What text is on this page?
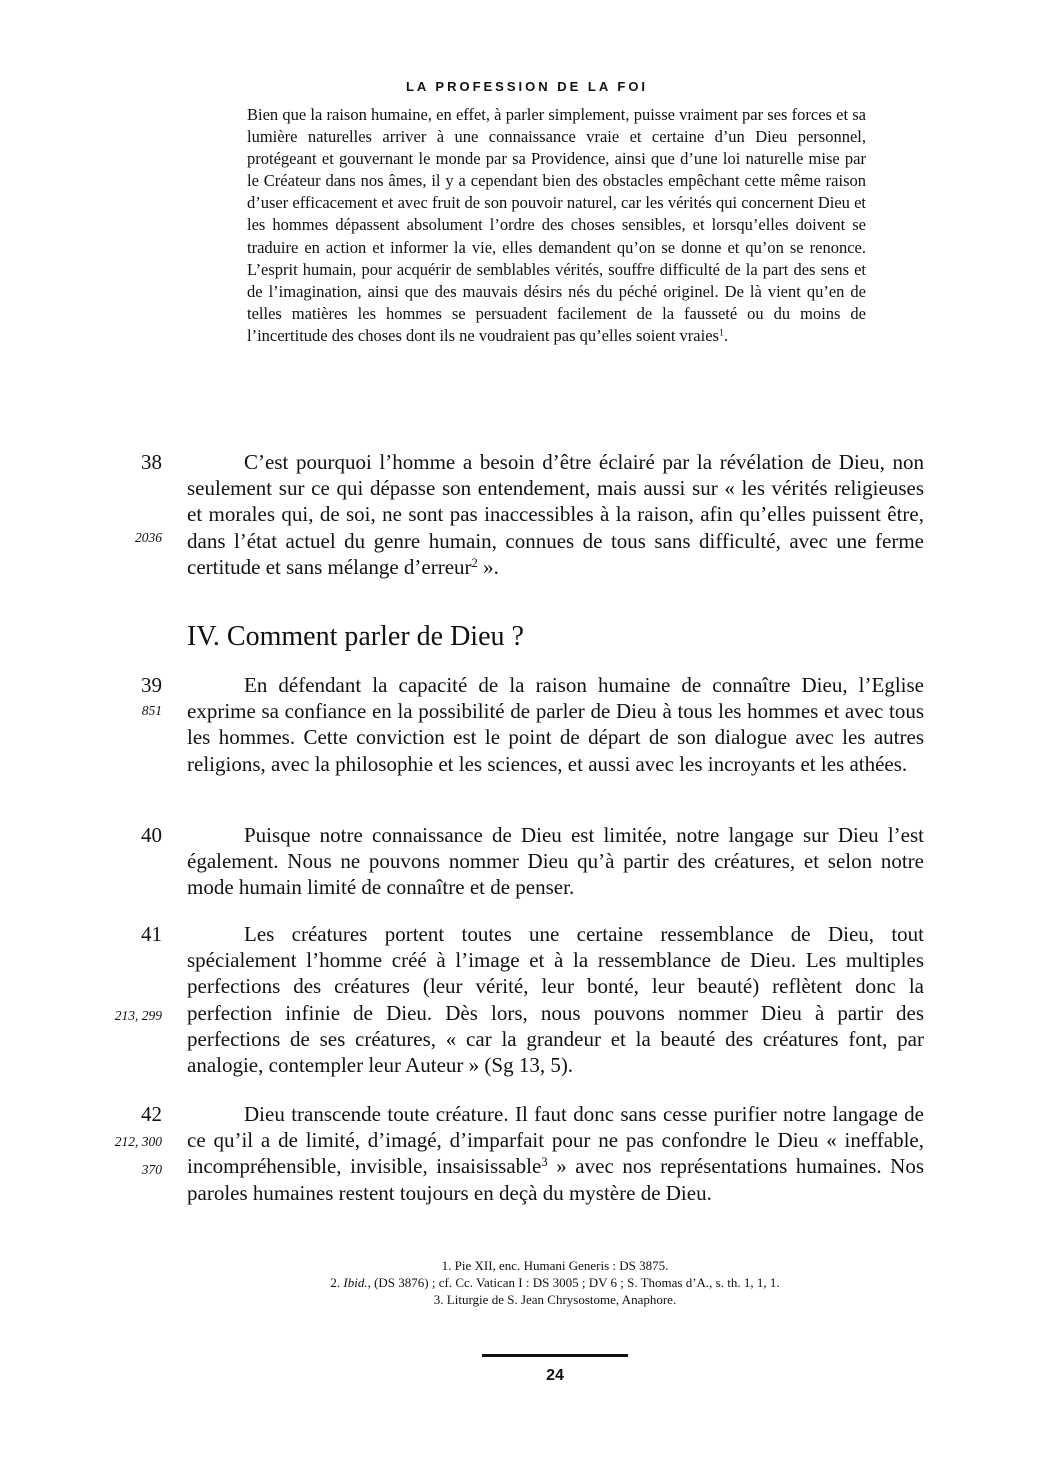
LA PROFESSION DE LA FOI

Bien que la raison humaine, en effet, à parler simplement, puisse vraiment par ses forces et sa lumière naturelles arriver à une connaissance vraie et certaine d’un Dieu personnel, protégeant et gouvernant le monde par sa Providence, ainsi que d’une loi naturelle mise par le Créateur dans nos âmes, il y a cependant bien des obstacles empêchant cette même raison d’user efficacement et avec fruit de son pouvoir naturel, car les vérités qui concernent Dieu et les hommes dépassent absolument l’ordre des choses sensibles, et lorsqu’elles doivent se traduire en action et informer la vie, elles demandent qu’on se donne et qu’on se renonce. L’esprit humain, pour acquérir de semblables vérités, souffre difficulté de la part des sens et de l’imagination, ainsi que des mauvais désirs nés du péché originel. De là vient qu’en de telles matières les hommes se persuadent facilement de la fausseté ou du moins de l’incertitude des choses dont ils ne voudraient pas qu’elles soient vraies$^1$.

38
2036

C’est pourquoi l’homme a besoin d’être éclairé par la révélation de Dieu, non seulement sur ce qui dépasse son entendement, mais aussi sur « les vérités religieuses et morales qui, de soi, ne sont pas inaccessibles à la raison, afin qu’elles puissent être, dans l’état actuel du genre humain, connues de tous sans difficulté, avec une ferme certitude et sans mélange d’erreur$^2$ ».

IV. Comment parler de Dieu ?
39
851

En défendant la capacité de la raison humaine de connaître Dieu, l’Eglise exprime sa confiance en la possibilité de parler de Dieu à tous les hommes et avec tous les hommes. Cette conviction est le point de départ de son dialogue avec les autres religions, avec la philosophie et les sciences, et aussi avec les incroyants et les athées.

40	Puisque notre connaissance de Dieu est limitée, notre langage sur Dieu l’est également. Nous ne pouvons nommer Dieu qu’à partir des créatures, et selon notre mode humain limité de connaître et de penser.

41
213, 299

Les créatures portent toutes une certaine ressemblance de Dieu, tout spécialement l’homme créé à l’image et à la ressemblance de Dieu. Les multiples perfections des créatures (leur vérité, leur bonté, leur beauté) reflètent donc la perfection infinie de Dieu. Dès lors, nous pouvons nommer Dieu à partir des perfections de ses créatures, « car la grandeur et la beauté des créatures font, par analogie, contempler leur Auteur » (Sg 13, 5).

42
212, 300
370

Dieu transcende toute créature. Il faut donc sans cesse purifier notre langage de ce qu’il a de limité, d’imagé, d’imparfait pour ne pas confondre le Dieu « ineffable, incompréhensible, invisible, insaisissable$^3$ » avec nos représentations humaines. Nos paroles humaines restent toujours en deçà du mystère de Dieu.

1. Pie XII, enc. Humani Generis : DS 3875.
2. Ibid., (DS 3876) ; cf. Cc. Vatican I : DS 3005 ; DV 6 ; S. Thomas d’A., s. th. 1, 1, 1.
3. Liturgie de S. Jean Chrysostome, Anaphore.
24
